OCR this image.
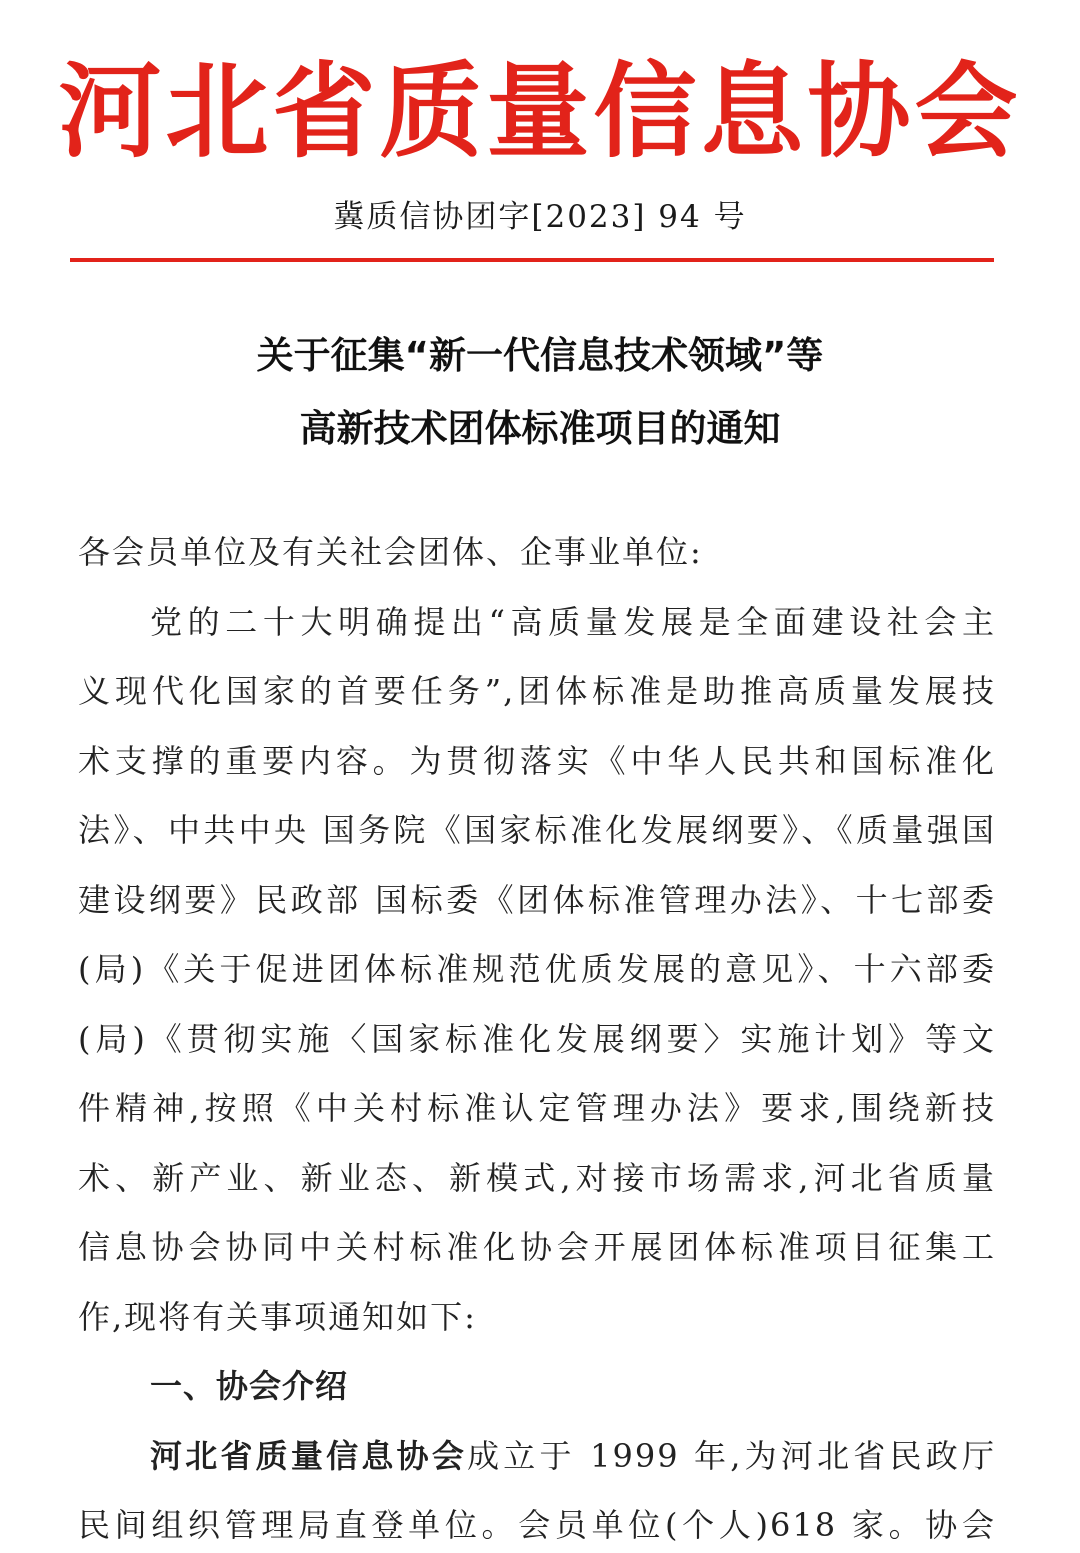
河北省质量信息协会
冀质信协团字[2023] 94 号
关于征集“新一代信息技术领域”等
高新技术团体标准项目的通知
各会员单位及有关社会团体、企事业单位:
党的二十大明确提出“高质量发展是全面建设社会主
义现代化国家的首要任务”,团体标准是助推高质量发展技
术支撑的重要内容。为贯彻落实《中华人民共和国标准化
法》、中共中央 国务院《国家标准化发展纲要》、《质量强国
建设纲要》民政部 国标委《团体标准管理办法》、十七部委
(局)《关于促进团体标准规范优质发展的意见》、十六部委
(局)《贯彻实施〈国家标准化发展纲要〉实施计划》等文
件精神,按照《中关村标准认定管理办法》要求,围绕新技
术、新产业、新业态、新模式,对接市场需求,河北省质量
信息协会协同中关村标准化协会开展团体标准项目征集工
作,现将有关事项通知如下:
一、协会介绍
河北省质量信息协会成立于 1999 年,为河北省民政厅
民间组织管理局直登单位。会员单位(个人)618 家。协会
